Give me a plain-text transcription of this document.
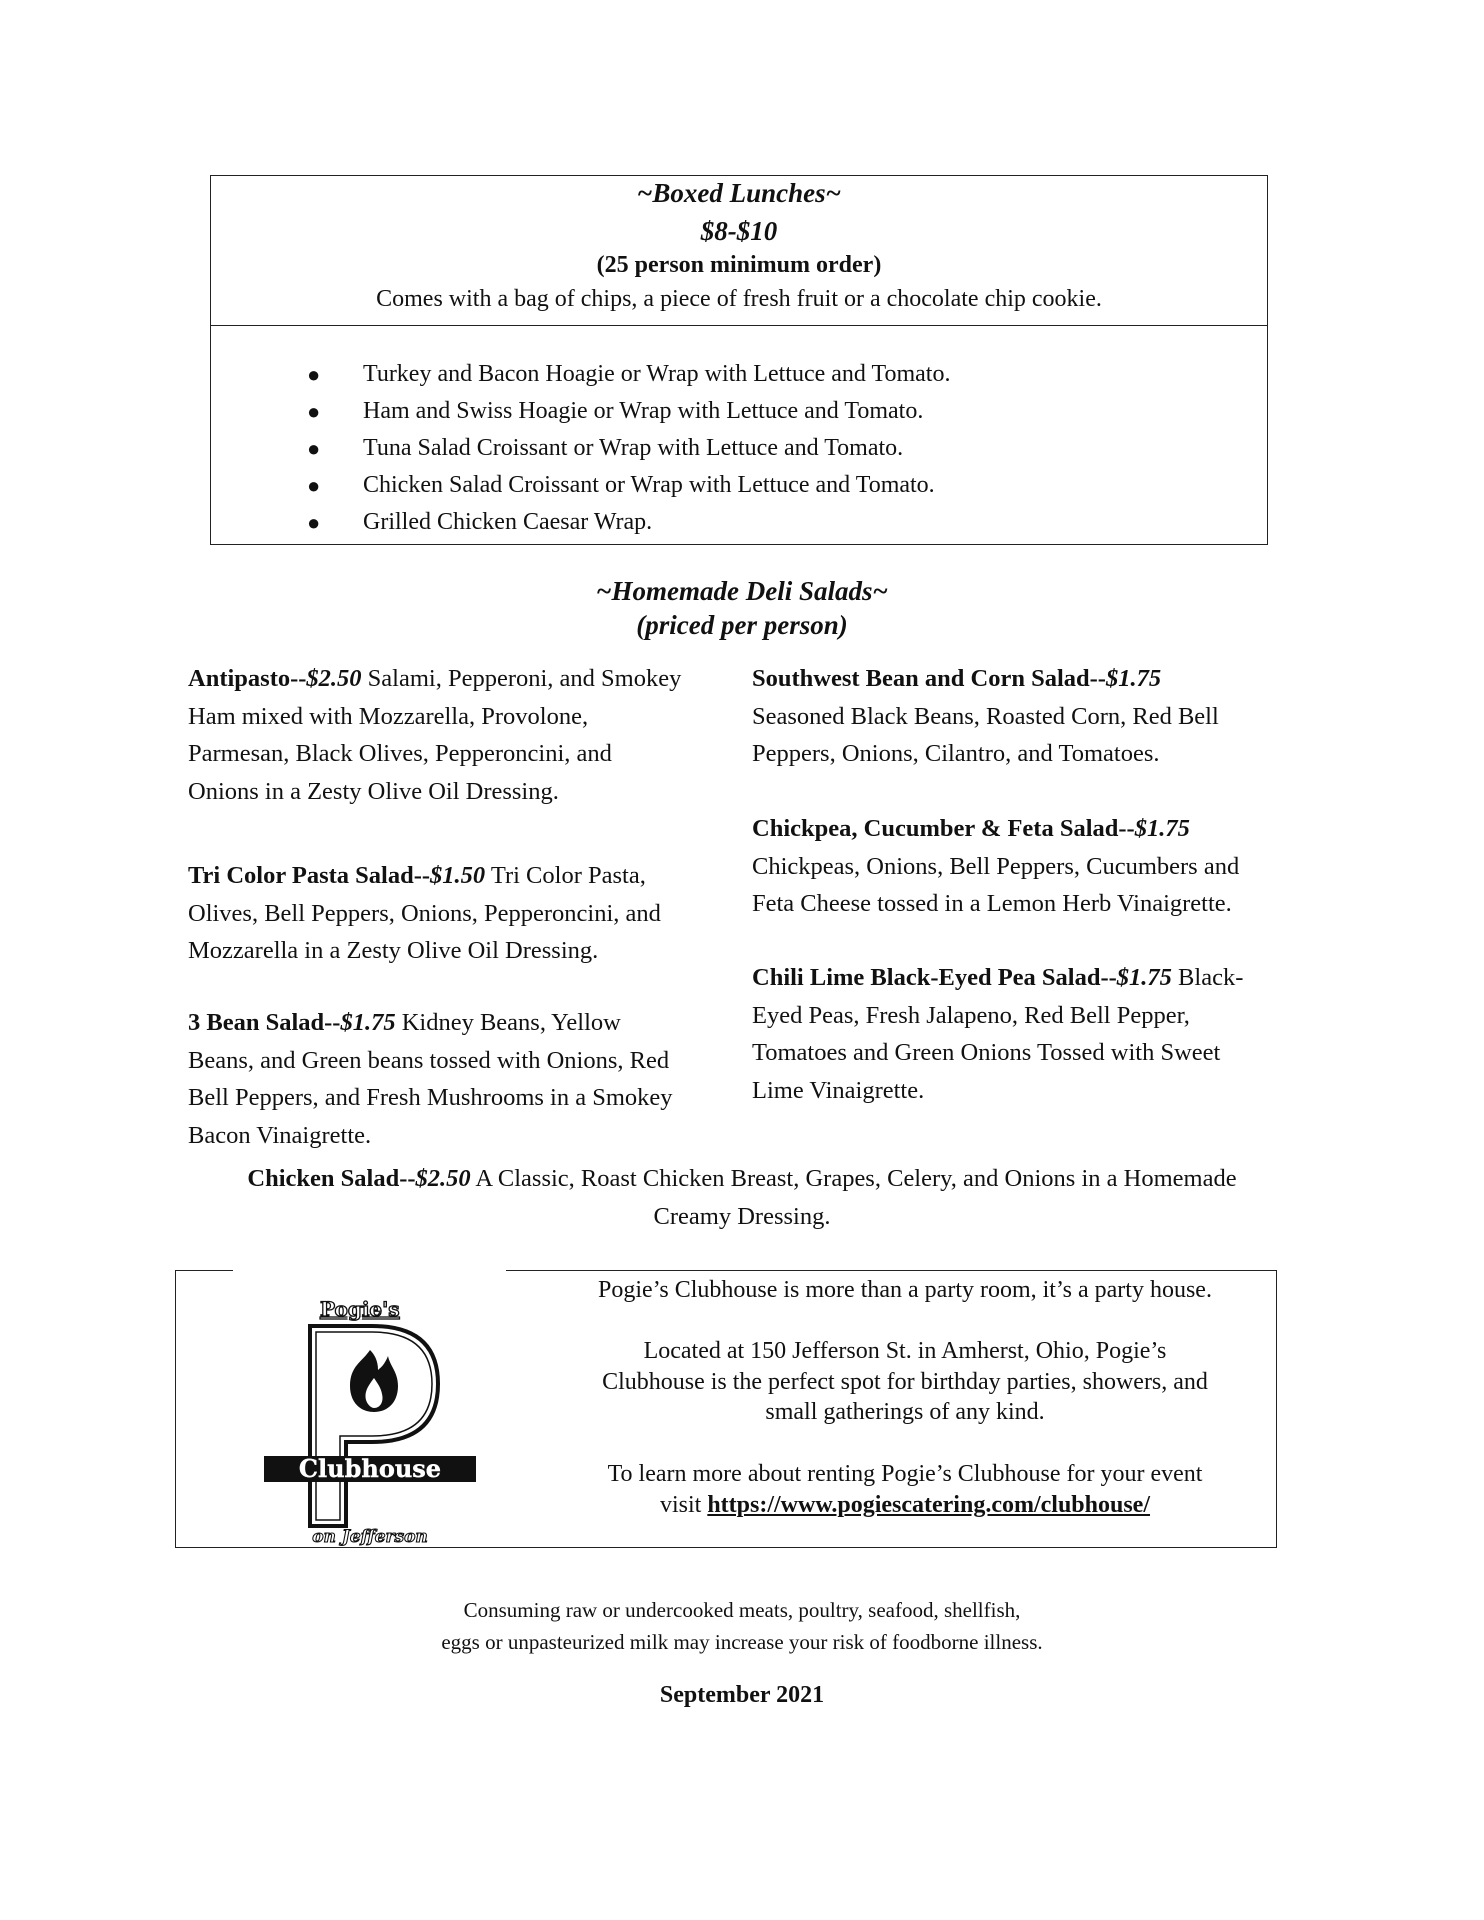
~Boxed Lunches~
$8-$10
(25 person minimum order)
Comes with a bag of chips, a piece of fresh fruit or a chocolate chip cookie.
● Turkey and Bacon Hoagie or Wrap with Lettuce and Tomato.
● Ham and Swiss Hoagie or Wrap with Lettuce and Tomato.
● Tuna Salad Croissant or Wrap with Lettuce and Tomato.
● Chicken Salad Croissant or Wrap with Lettuce and Tomato.
● Grilled Chicken Caesar Wrap.
~Homemade Deli Salads~
(priced per person)
Antipasto--$2.50 Salami, Pepperoni, and Smokey
Ham mixed with Mozzarella, Provolone,
Parmesan, Black Olives, Pepperoncini, and
Onions in a Zesty Olive Oil Dressing.
Tri Color Pasta Salad--$1.50 Tri Color Pasta,
Olives, Bell Peppers, Onions, Pepperoncini, and
Mozzarella in a Zesty Olive Oil Dressing.
3 Bean Salad--$1.75 Kidney Beans, Yellow
Beans, and Green beans tossed with Onions, Red
Bell Peppers, and Fresh Mushrooms in a Smokey
Bacon Vinaigrette.
Southwest Bean and Corn Salad--$1.75
Seasoned Black Beans, Roasted Corn, Red Bell
Peppers, Onions, Cilantro, and Tomatoes.
Chickpea, Cucumber & Feta Salad--$1.75
Chickpeas, Onions, Bell Peppers, Cucumbers and
Feta Cheese tossed in a Lemon Herb Vinaigrette.
Chili Lime Black-Eyed Pea Salad--$1.75 Black-
Eyed Peas, Fresh Jalapeno, Red Bell Pepper,
Tomatoes and Green Onions Tossed with Sweet
Lime Vinaigrette.
Chicken Salad--$2.50 A Classic, Roast Chicken Breast, Grapes, Celery, and Onions in a Homemade
Creamy Dressing.
Pogie's
Clubhouse
on Jefferson
Pogie’s Clubhouse is more than a party room, it’s a party house.
Located at 150 Jefferson St. in Amherst, Ohio, Pogie’s
Clubhouse is the perfect spot for birthday parties, showers, and
small gatherings of any kind.
To learn more about renting Pogie’s Clubhouse for your event
visit https://www.pogiescatering.com/clubhouse/
Consuming raw or undercooked meats, poultry, seafood, shellfish,
eggs or unpasteurized milk may increase your risk of foodborne illness.
September 2021
